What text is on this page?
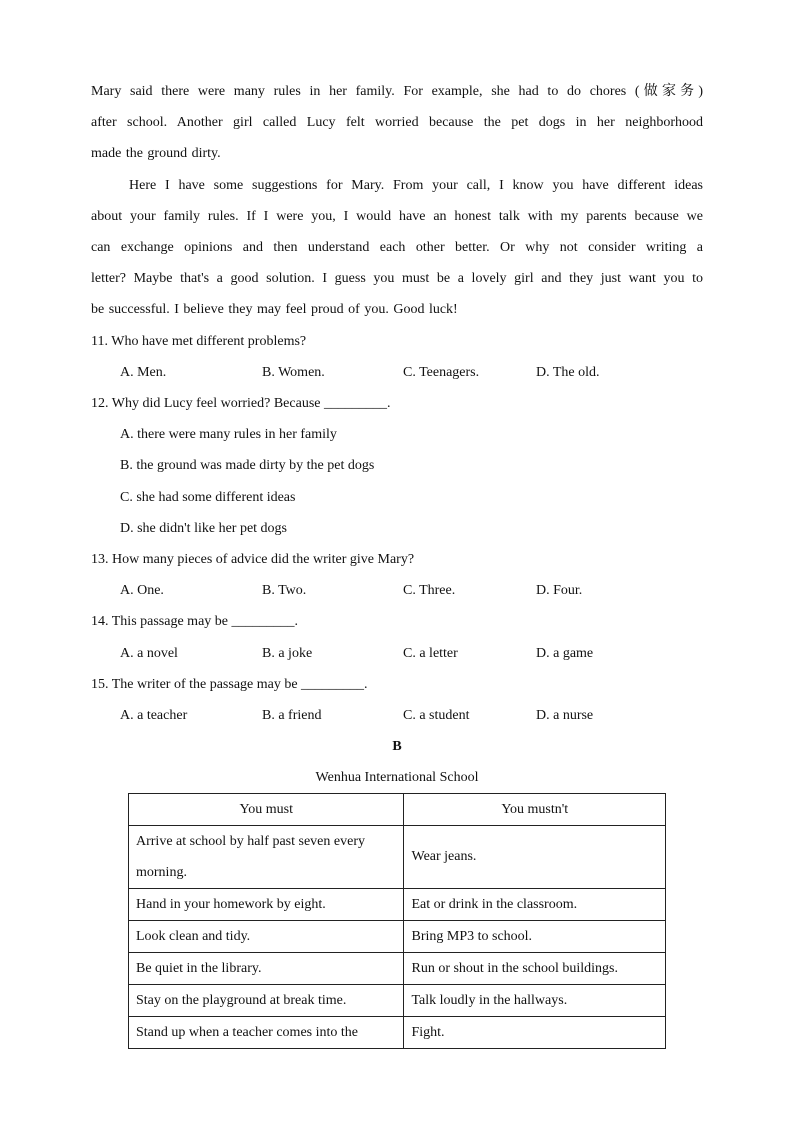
Mary said there were many rules in her family. For example, she had to do chores (做家务)
after school. Another girl called Lucy felt worried because the pet dogs in her neighborhood
made the ground dirty.
Here I have some suggestions for Mary. From your call, I know you have different ideas
about your family rules. If I were you, I would have an honest talk with my parents because we
can exchange opinions and then understand each other better. Or why not consider writing a
letter? Maybe that's a good solution. I guess you must be a lovely girl and they just want you to
be successful. I believe they may feel proud of you. Good luck!
11. Who have met different problems?
A. Men.	B. Women.	C. Teenagers.	D. The old.
12. Why did Lucy feel worried? Because _________.
A. there were many rules in her family
B. the ground was made dirty by the pet dogs
C. she had some different ideas
D. she didn't like her pet dogs
13. How many pieces of advice did the writer give Mary?
A. One.	B. Two.	C. Three.	D. Four.
14. This passage may be _________.
A. a novel	B. a joke	C. a letter	D. a game
15. The writer of the passage may be _________.
A. a teacher	B. a friend	C. a student	D. a nurse
B
Wenhua International School
You must	You mustn't
Arrive at school by half past seven every morning.	Wear jeans.
Hand in your homework by eight.	Eat or drink in the classroom.
Look clean and tidy.	Bring MP3 to school.
Be quiet in the library.	Run or shout in the school buildings.
Stay on the playground at break time.	Talk loudly in the hallways.
Stand up when a teacher comes into the	Fight.
